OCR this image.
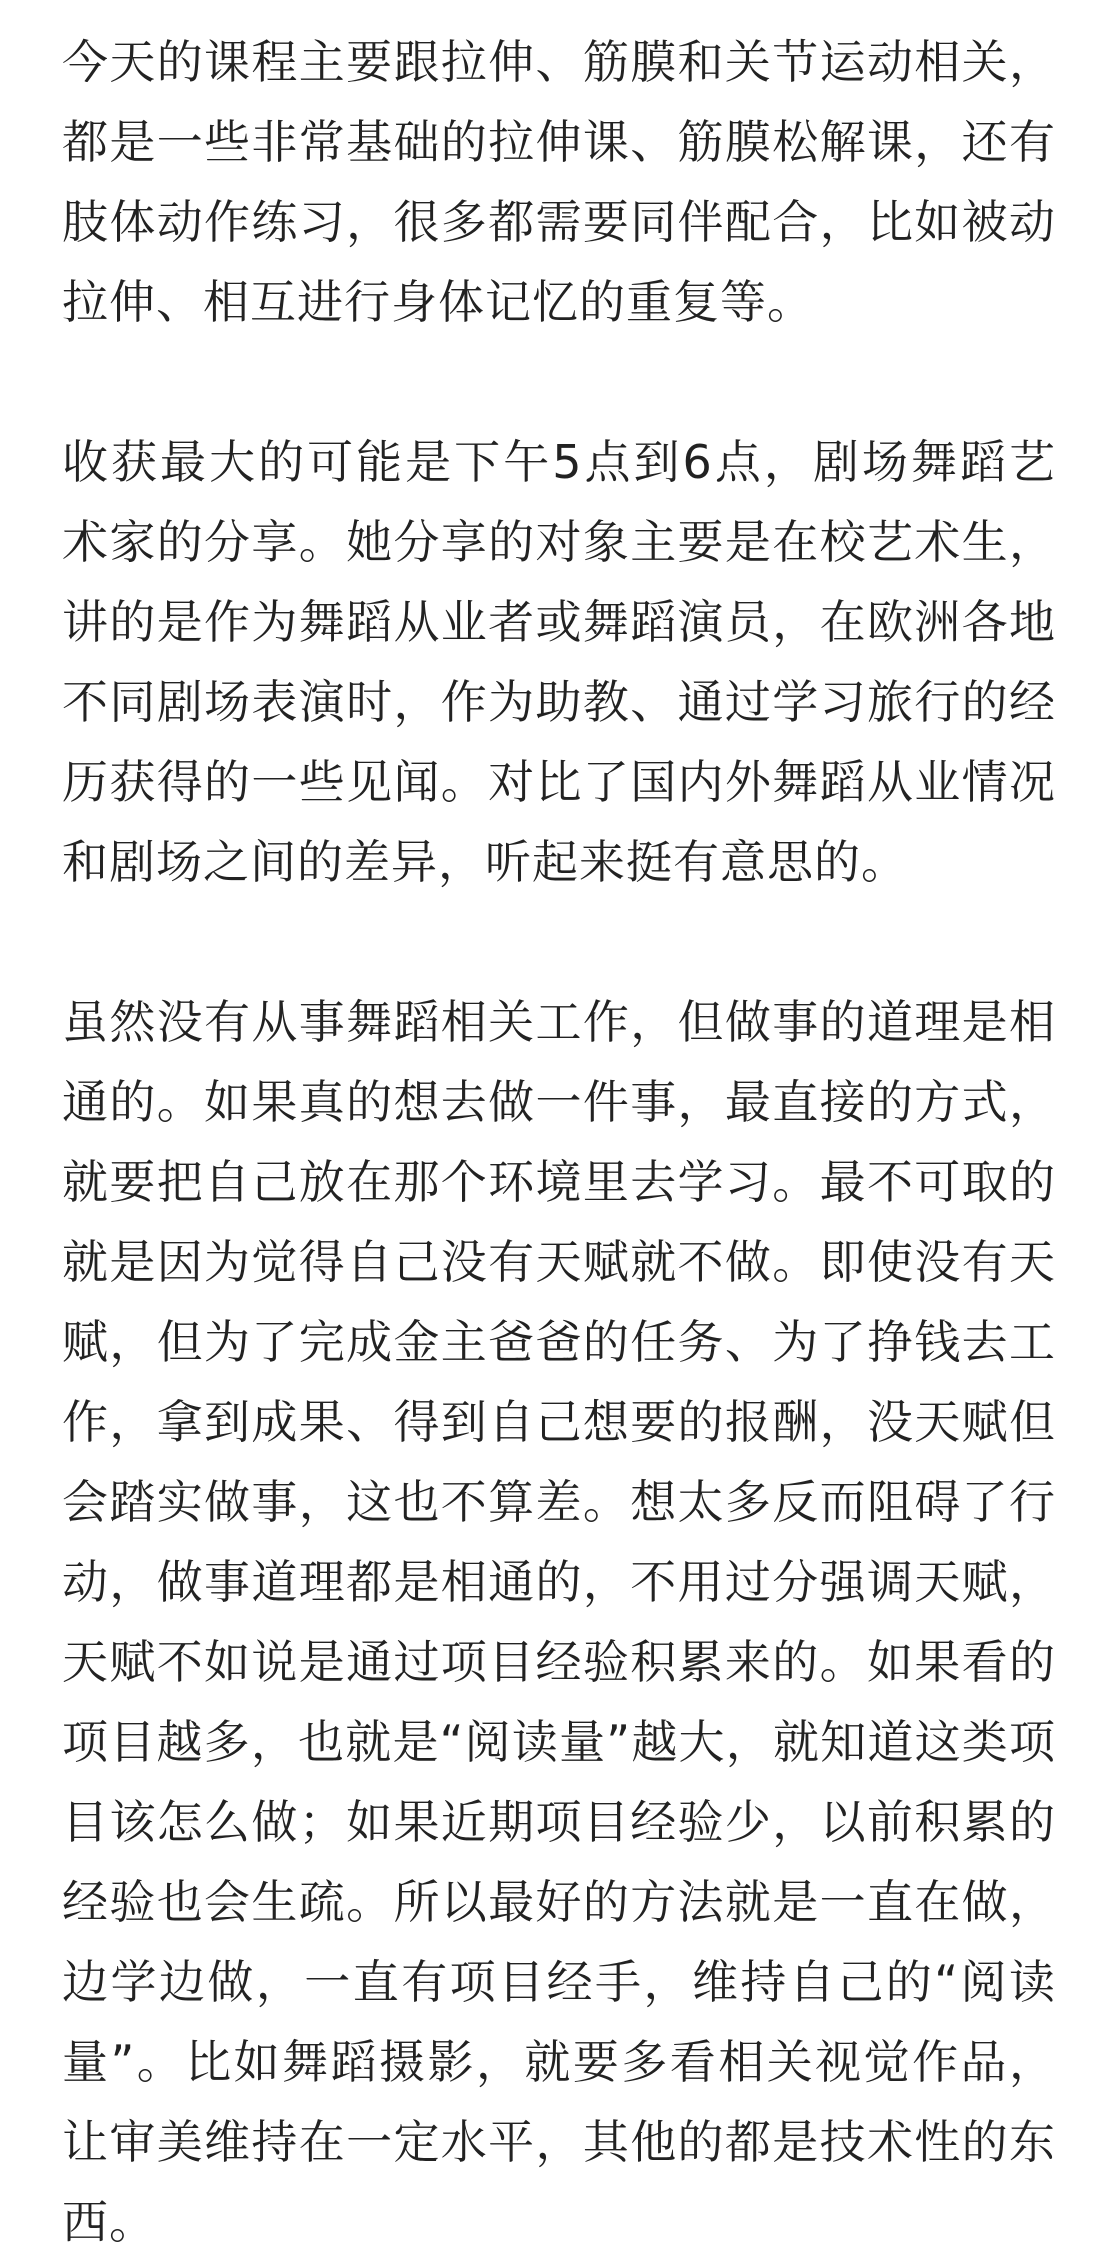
今天的课程主要跟拉伸、筋膜和关节运动相关，都是一些非常基础的拉伸课、筋膜松解课，还有肢体动作练习，很多都需要同伴配合，比如被动拉伸、相互进行身体记忆的重复等。

收获最大的可能是下午5点到6点，剧场舞蹈艺术家的分享。她分享的对象主要是在校艺术生，讲的是作为舞蹈从业者或舞蹈演员，在欧洲各地不同剧场表演时，作为助教、通过学习旅行的经历获得的一些见闻。对比了国内外舞蹈从业情况和剧场之间的差异，听起来挺有意思的。

虽然没有从事舞蹈相关工作，但做事的道理是相通的。如果真的想去做一件事，最直接的方式，就要把自己放在那个环境里去学习。最不可取的就是因为觉得自己没有天赋就不做。即使没有天赋，但为了完成金主爸爸的任务、为了挣钱去工作，拿到成果、得到自己想要的报酬，没天赋但会踏实做事，这也不算差。想太多反而阻碍了行动，做事道理都是相通的，不用过分强调天赋，天赋不如说是通过项目经验积累来的。如果看的项目越多，也就是“阅读量”越大，就知道这类项目该怎么做；如果近期项目经验少，以前积累的经验也会生疏。所以最好的方法就是一直在做，边学边做，一直有项目经手，维持自己的“阅读量”。比如舞蹈摄影，就要多看相关视觉作品，让审美维持在一定水平，其他的都是技术性的东西。
